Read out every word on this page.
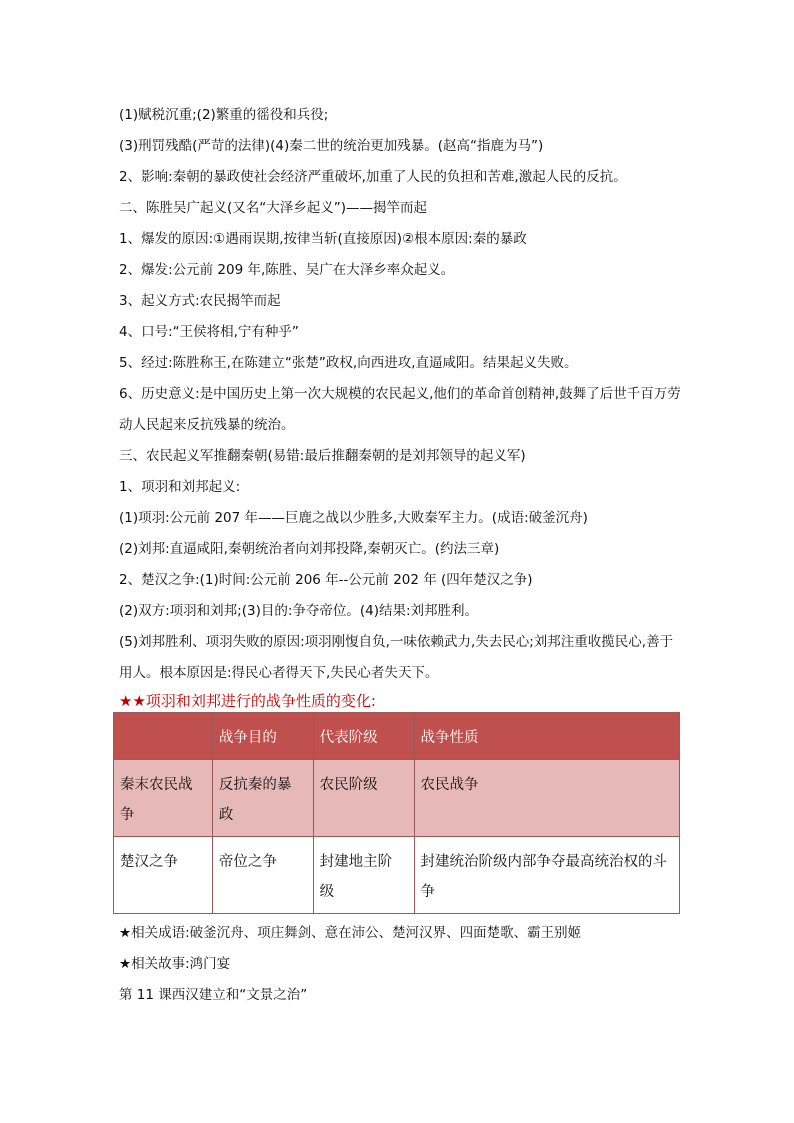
(1)赋税沉重;(2)繁重的徭役和兵役;
(3)刑罚残酷(严苛的法律)(4)秦二世的统治更加残暴。(赵高“指鹿为马”)
2、影响:秦朝的暴政使社会经济严重破坏,加重了人民的负担和苦难,激起人民的反抗。
二、陈胜吴广起义(又名“大泽乡起义”)——揭竿而起
1、爆发的原因:①遇雨误期,按律当斩(直接原因)②根本原因:秦的暴政
2、爆发:公元前 209 年,陈胜、吴广在大泽乡率众起义。
3、起义方式:农民揭竿而起
4、口号:“王侯将相,宁有种乎”
5、经过:陈胜称王,在陈建立“张楚”政权,向西进攻,直逼咸阳。结果起义失败。
6、历史意义:是中国历史上第一次大规模的农民起义,他们的革命首创精神,鼓舞了后世千百万劳动人民起来反抗残暴的统治。
三、农民起义军推翻秦朝(易错:最后推翻秦朝的是刘邦领导的起义军)
1、项羽和刘邦起义:
(1)项羽:公元前 207 年——巨鹿之战以少胜多,大败秦军主力。(成语:破釜沉舟)
(2)刘邦:直逼咸阳,秦朝统治者向刘邦投降,秦朝灭亡。(约法三章)
2、楚汉之争:(1)时间:公元前 206 年--公元前 202 年 (四年楚汉之争)
(2)双方:项羽和刘邦;(3)目的:争夺帝位。(4)结果:刘邦胜利。
(5)刘邦胜利、项羽失败的原因:项羽刚愎自负,一味依赖武力,失去民心;刘邦注重收揽民心,善于用人。根本原因是:得民心者得天下,失民心者失天下。
★★项羽和刘邦进行的战争性质的变化:
	战争目的	代表阶级	战争性质
秦末农民战争	反抗秦的暴政	农民阶级	农民战争
楚汉之争	帝位之争	封建地主阶级	封建统治阶级内部争夺最高统治权的斗争
★相关成语:破釜沉舟、项庄舞剑、意在沛公、楚河汉界、四面楚歌、霸王别姬
★相关故事:鸿门宴
第 11 课西汉建立和“文景之治”
